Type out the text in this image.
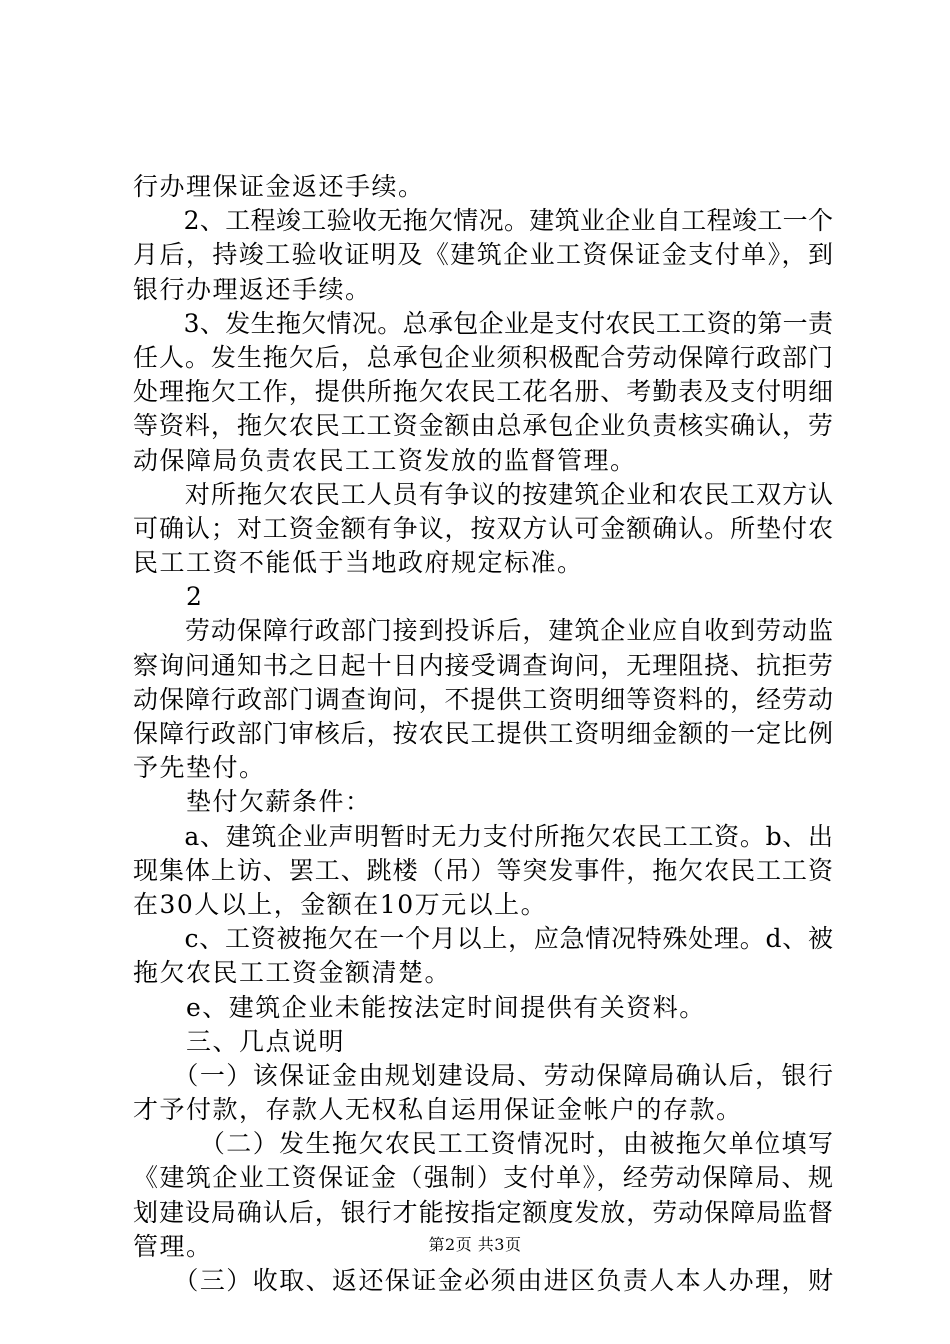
行办理保证金返还手续。
　　2、工程竣工验收无拖欠情况。建筑业企业自工程竣工一个
月后，持竣工验收证明及《建筑企业工资保证金支付单》，到
银行办理返还手续。
　　3、发生拖欠情况。总承包企业是支付农民工工资的第一责
任人。发生拖欠后，总承包企业须积极配合劳动保障行政部门
处理拖欠工作，提供所拖欠农民工花名册、考勤表及支付明细
等资料，拖欠农民工工资金额由总承包企业负责核实确认，劳
动保障局负责农民工工资发放的监督管理。
　　对所拖欠农民工人员有争议的按建筑企业和农民工双方认
可确认；对工资金额有争议，按双方认可金额确认。所垫付农
民工工资不能低于当地政府规定标准。
　　2
　　劳动保障行政部门接到投诉后，建筑企业应自收到劳动监
察询问通知书之日起十日内接受调查询问，无理阻挠、抗拒劳
动保障行政部门调查询问，不提供工资明细等资料的，经劳动
保障行政部门审核后，按农民工提供工资明细金额的一定比例
予先垫付。
　　垫付欠薪条件：
　　a、建筑企业声明暂时无力支付所拖欠农民工工资。b、出
现集体上访、罢工、跳楼（吊）等突发事件，拖欠农民工工资
在30人以上，金额在10万元以上。
　　c、工资被拖欠在一个月以上，应急情况特殊处理。d、被
拖欠农民工工资金额清楚。
　　e、建筑企业未能按法定时间提供有关资料。
　　三、几点说明
　　（一）该保证金由规划建设局、劳动保障局确认后，银行
才予付款，存款人无权私自运用保证金帐户的存款。
　　　（二）发生拖欠农民工工资情况时，由被拖欠单位填写
《建筑企业工资保证金（强制）支付单》，经劳动保障局、规
划建设局确认后，银行才能按指定额度发放，劳动保障局监督
管理。
　　（三）收取、返还保证金必须由进区负责人本人办理，财
第2页 共3页
